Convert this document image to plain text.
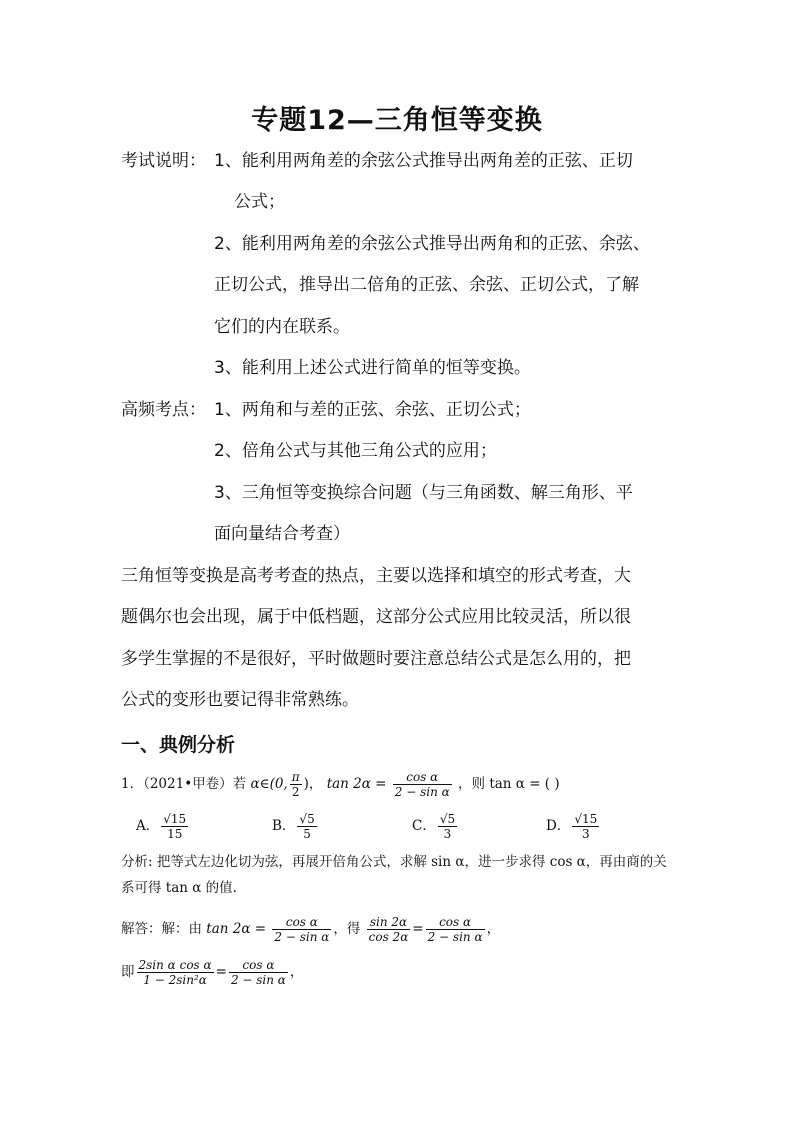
专题12—三角恒等变换
考试说明： 1、能利用两角差的余弦公式推导出两角差的正弦、正切
公式；
2、能利用两角差的余弦公式推导出两角和的正弦、余弦、
正切公式，推导出二倍角的正弦、余弦、正切公式，了解
它们的内在联系。
3、能利用上述公式进行简单的恒等变换。
高频考点： 1、两角和与差的正弦、余弦、正切公式；
2、倍角公式与其他三角公式的应用；
3、三角恒等变换综合问题（与三角函数、解三角形、平
面向量结合考查）
三角恒等变换是高考考查的热点，主要以选择和填空的形式考查，大
题偶尔也会出现，属于中低档题，这部分公式应用比较灵活，所以很
多学生掌握的不是很好，平时做题时要注意总结公式是怎么用的，把
公式的变形也要记得非常熟练。
一、典例分析
1．（2021•甲卷）若 α∈(0, $\frac{\pi}{2}$ )， $\tan 2\alpha = \frac{\text{cos α}}{\text{2 − sin α}}$ ，则 tan α = ( )
A． $\frac{√15}{15}$	B． $\frac{√5}{5}$	C． $\frac{√5}{3}$	D． $\frac{√15}{3}$
分析: 把等式左边化切为弦，再展开倍角公式，求解 sin α，进一步求得 cos α，再由商的关
系可得 tan α 的值.
解答：解：由 $\tan 2\alpha = \frac{\text{cos α}}{\text{2 − sin α}}$ ，得 $\frac{\sin 2\alpha}{\cos 2\alpha} = \frac{\text{cos α}}{\text{2 − sin α}}$ ，
即 $\frac{\text{2sin α cos α}}{\text{1 − 2sin²α}} = \frac{\text{cos α}}{\text{2 − sin α}}$ ，
